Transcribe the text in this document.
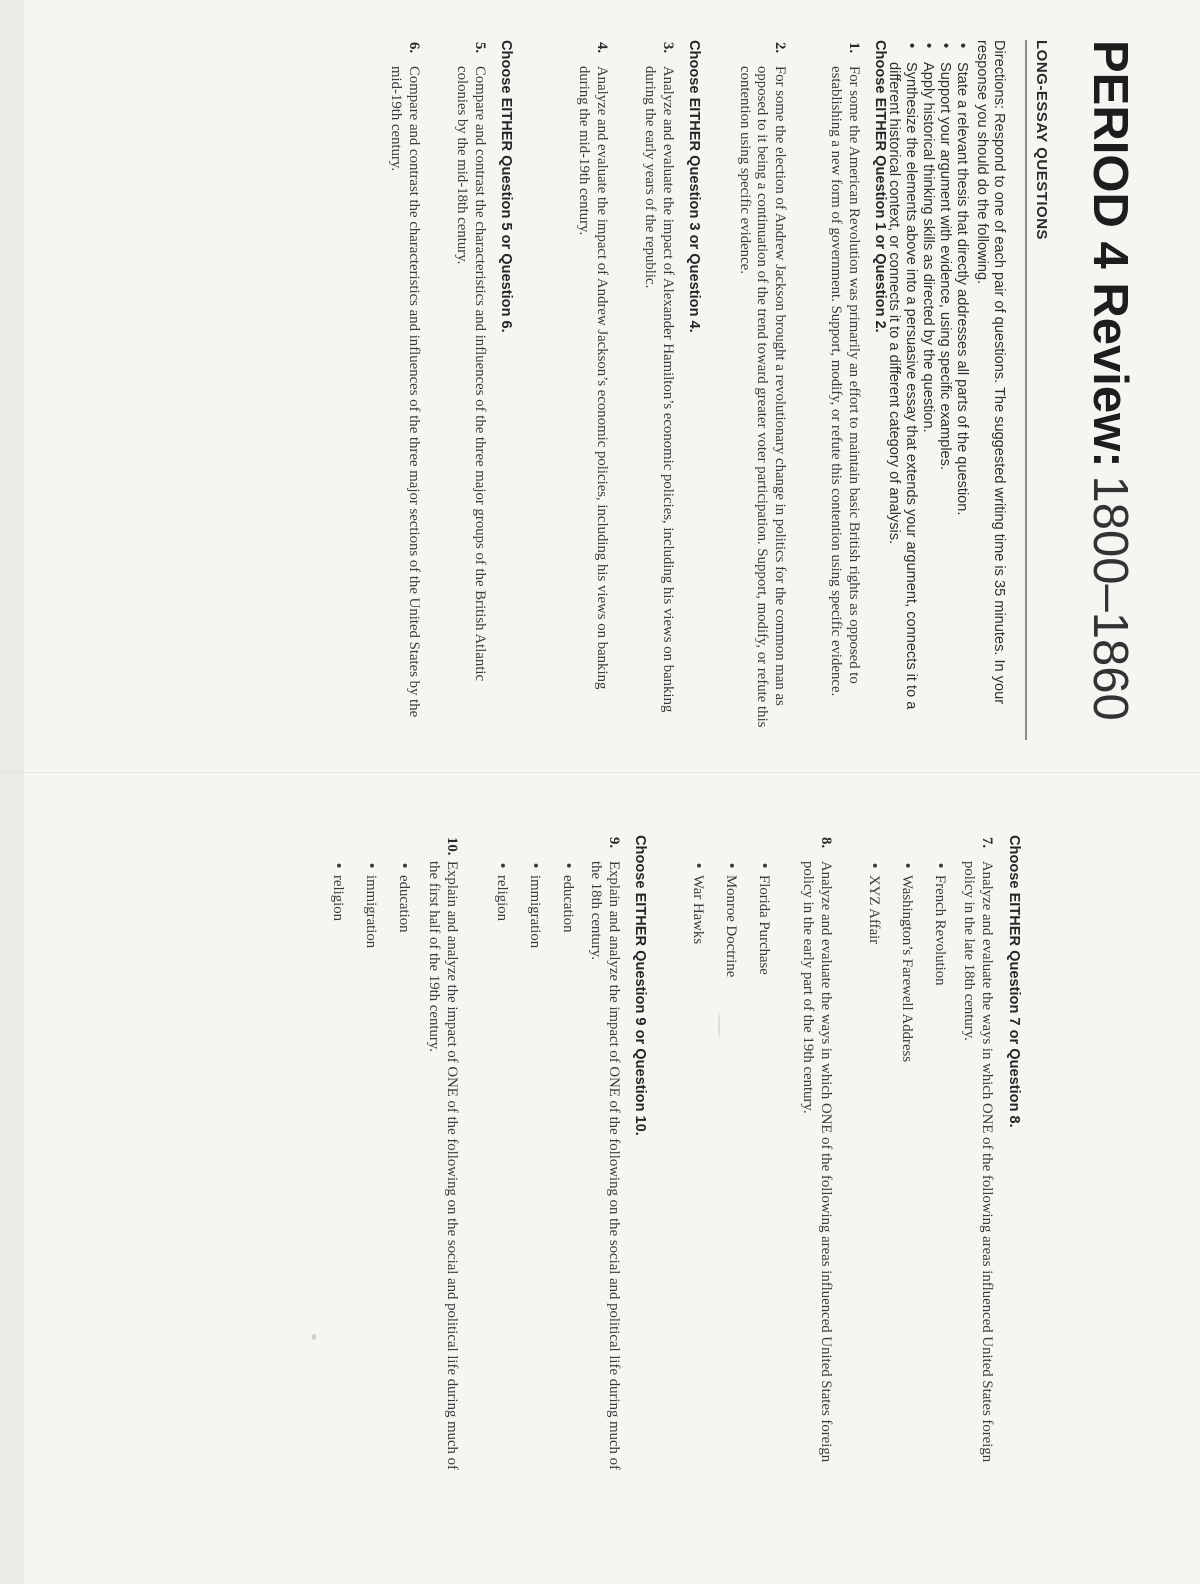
PERIOD 4 Review:1800–1860
LONG-ESSAY QUESTIONS
Directions: Respond to one of each pair of questions. The suggested writing time is 35 minutes. In your response you should do the following.
•
State a relevant thesis that directly addresses all parts of the question.
•
Support your argument with evidence, using specific examples.
•
Apply historical thinking skills as directed by the question.
•
Synthesize the elements above into a persuasive essay that extends your argument, connects it to a different historical context, or connects it to a different category of analysis.
Choose EITHER Question 1 or Question 2.
1.
For some the American Revolution was primarily an effort to maintain basic British rights as opposed to establishing a new form of government. Support, modify, or refute this contention using specific evidence.
2.
For some the election of Andrew Jackson brought a revolutionary change in politics for the common man as opposed to it being a continuation of the trend toward greater voter participation. Support, modify, or refute this contention using specific evidence.
Choose EITHER Question 3 or Question 4.
3.
Analyze and evaluate the impact of Alexander Hamilton’s economic policies, including his views on banking during the early years of the republic.
4.
Analyze and evaluate the impact of Andrew Jackson’s economic policies, including his views on banking during the mid-19th century.
Choose EITHER Question 5 or Question 6.
5.
Compare and contrast the characteristics and influences of the three major groups of the British Atlantic colonies by the mid-18th century.
6.
Compare and contrast the characteristics and influences of the three major sections of the United States by the mid-19th century.
Choose EITHER Question 7 or Question 8.
7.
Analyze and evaluate the ways in which ONE of the following areas influenced United States foreign policy in the late 18th century.
•
French Revolution
•
Washington’s Farewell Address
•
XYZ Affair
8.
Analyze and evaluate the ways in which ONE of the following areas influenced United States foreign policy in the early part of the 19th century.
•
Florida Purchase
•
Monroe Doctrine
•
War Hawks
Choose EITHER Question 9 or Question 10.
9.
Explain and analyze the impact of ONE of the following on the social and political life during much of the 18th century.
•
education
•
immigration
•
religion
10.
Explain and analyze the impact of ONE of the following on the social and political life during much of the first half of the 19th century.
•
education
•
immigration
•
religion
